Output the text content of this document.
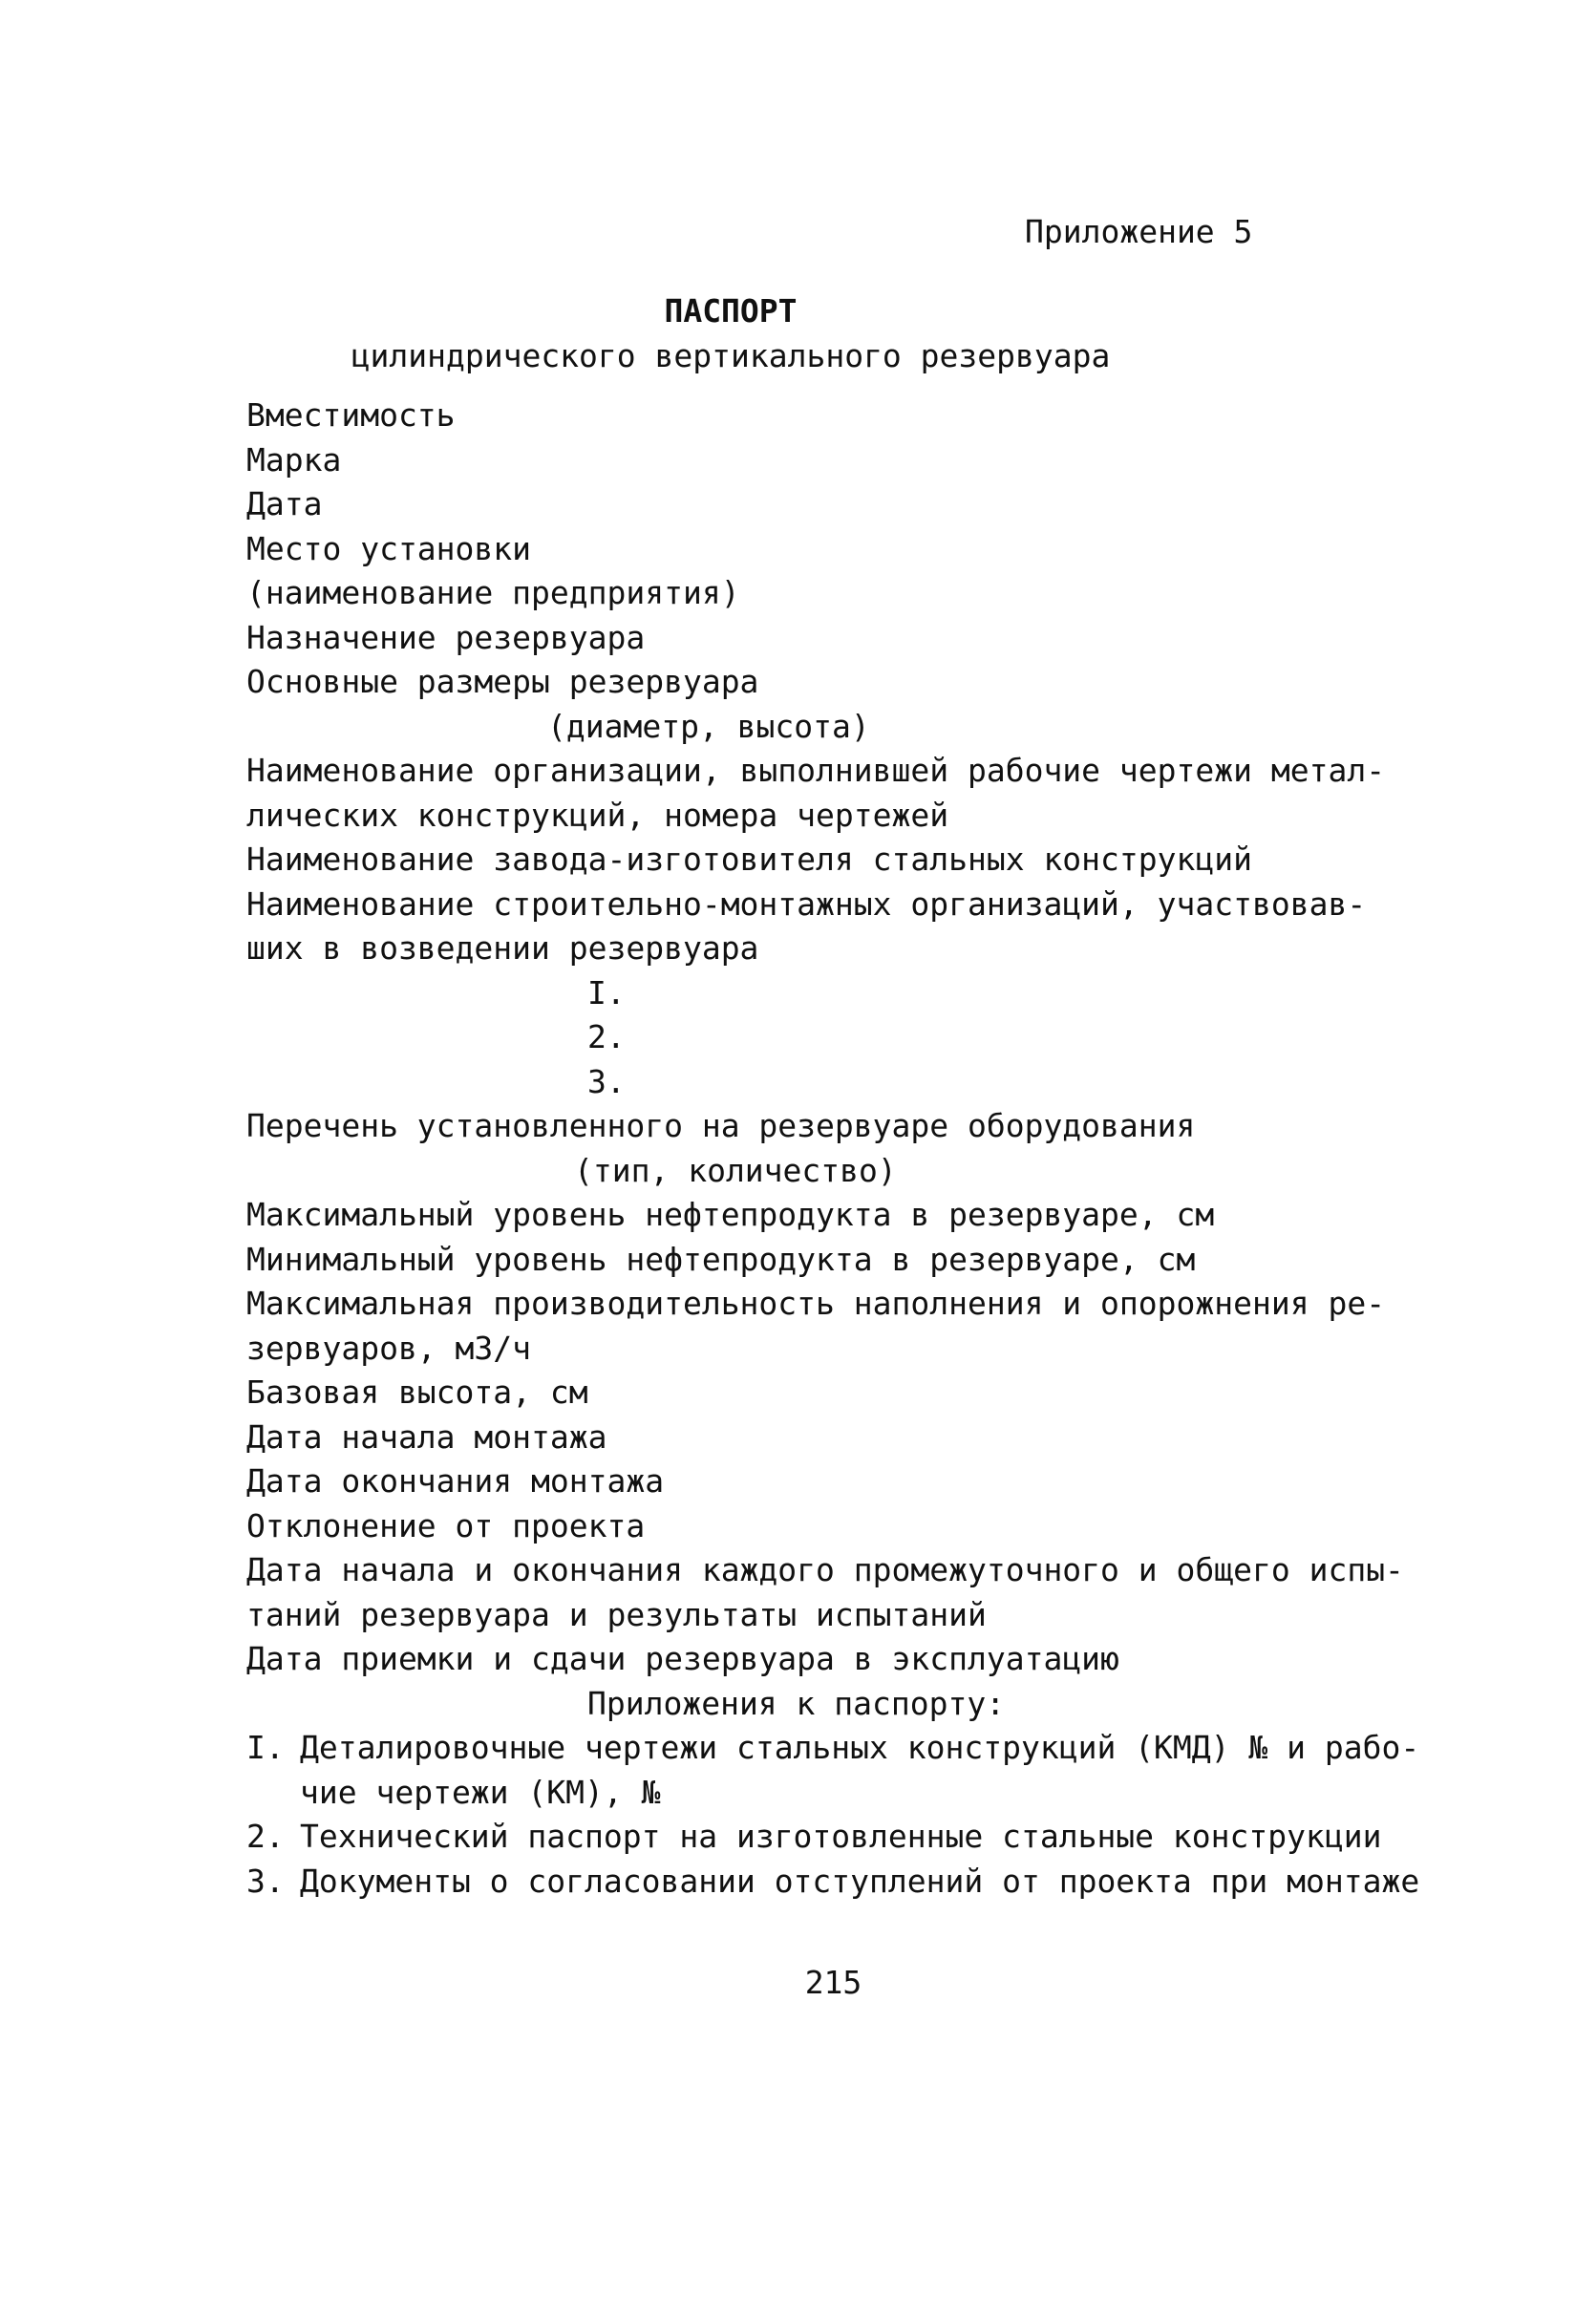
Приложение 5
ПАСПОРТ
цилиндрического вертикального резервуара
Вместимость
Марка
Дата
Место установки
(наименование предприятия)
Назначение резервуара
Основные размеры резервуара
(диаметр, высота)
Наименование организации, выполнившей рабочие чертежи метал-
лических конструкций, номера чертежей
Наименование завода-изготовителя стальных конструкций
Наименование строительно-монтажных организаций, участвовав-
ших в возведении резервуара
I.
2.
3.
Перечень установленного на резервуаре оборудования
(тип, количество)
Максимальный уровень нефтепродукта в резервуаре, см
Минимальный уровень нефтепродукта в резервуаре, см
Максимальная производительность наполнения и опорожнения ре-
зервуаров, м3/ч
Базовая высота, см
Дата начала монтажа
Дата окончания монтажа
Отклонение от проекта
Дата начала и окончания каждого промежуточного и общего испы-
таний резервуара и результаты испытаний
Дата приемки и сдачи резервуара в эксплуатацию
Приложения к паспорту:
I. Деталировочные чертежи стальных конструкций (КМД) № и рабо-
чие чертежи (КМ), №
2. Технический паспорт на изготовленные стальные конструкции
3. Документы о согласовании отступлений от проекта при монтаже
215
